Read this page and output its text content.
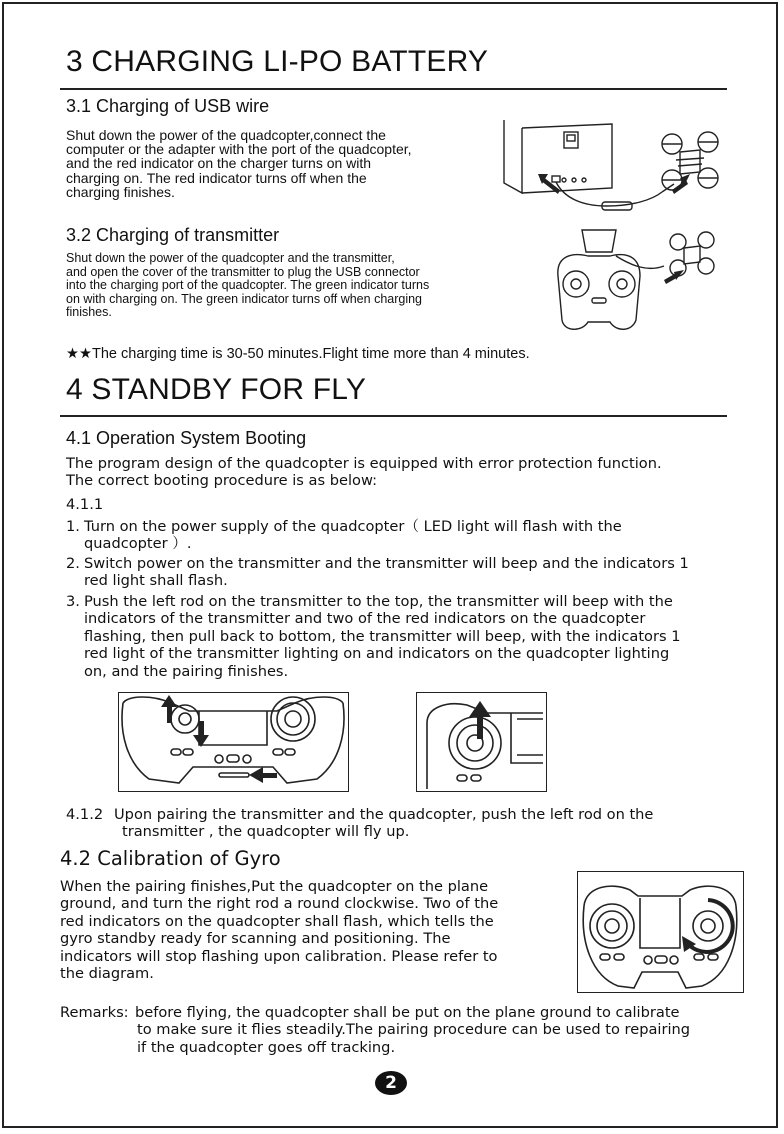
3 CHARGING LI-PO BATTERY
3.1 Charging of USB wire
Shut down the power of the quadcopter,connect the
computer or the adapter with the port of the quadcopter,
and the red indicator on the charger turns on with
charging on. The red indicator turns off when the
charging finishes.
3.2 Charging of transmitter
Shut down the power of the quadcopter and the transmitter,
and open the cover of the transmitter to plug the USB connector
into the charging port of the quadcopter. The green indicator turns
on with charging on. The green indicator turns off when charging
finishes.
★★The charging time is 30-50 minutes.Flight time more than 4 minutes.
4 STANDBY FOR FLY
4.1 Operation System Booting
The program design of the quadcopter is equipped with error protection function.
The correct booting procedure is as below:
4.1.1
1. Turn on the power supply of the quadcopter（ LED light will flash with the
quadcopter ）.
2. Switch power on the transmitter and the transmitter will beep and the indicators 1
red light shall flash.
3. Push the left rod on the transmitter to the top, the transmitter will beep with the
indicators of the transmitter and two of the red indicators on the quadcopter
flashing, then pull back to bottom, the transmitter will beep, with the indicators 1
red light of the transmitter lighting on and indicators on the quadcopter lighting
on, and the pairing finishes.
4.1.2 Upon pairing the transmitter and the quadcopter, push the left rod on the
transmitter , the quadcopter will fly up.
4.2 Calibration of Gyro
When the pairing finishes,Put the quadcopter on the plane
ground, and turn the right rod a round clockwise. Two of the
red indicators on the quadcopter shall flash, which tells the
gyro standby ready for scanning and positioning. The
indicators will stop flashing upon calibration. Please refer to
the diagram.
Remarks: before flying, the quadcopter shall be put on the plane ground to calibrate
to make sure it flies steadily.The pairing procedure can be used to repairing
if the quadcopter goes off tracking.
2
